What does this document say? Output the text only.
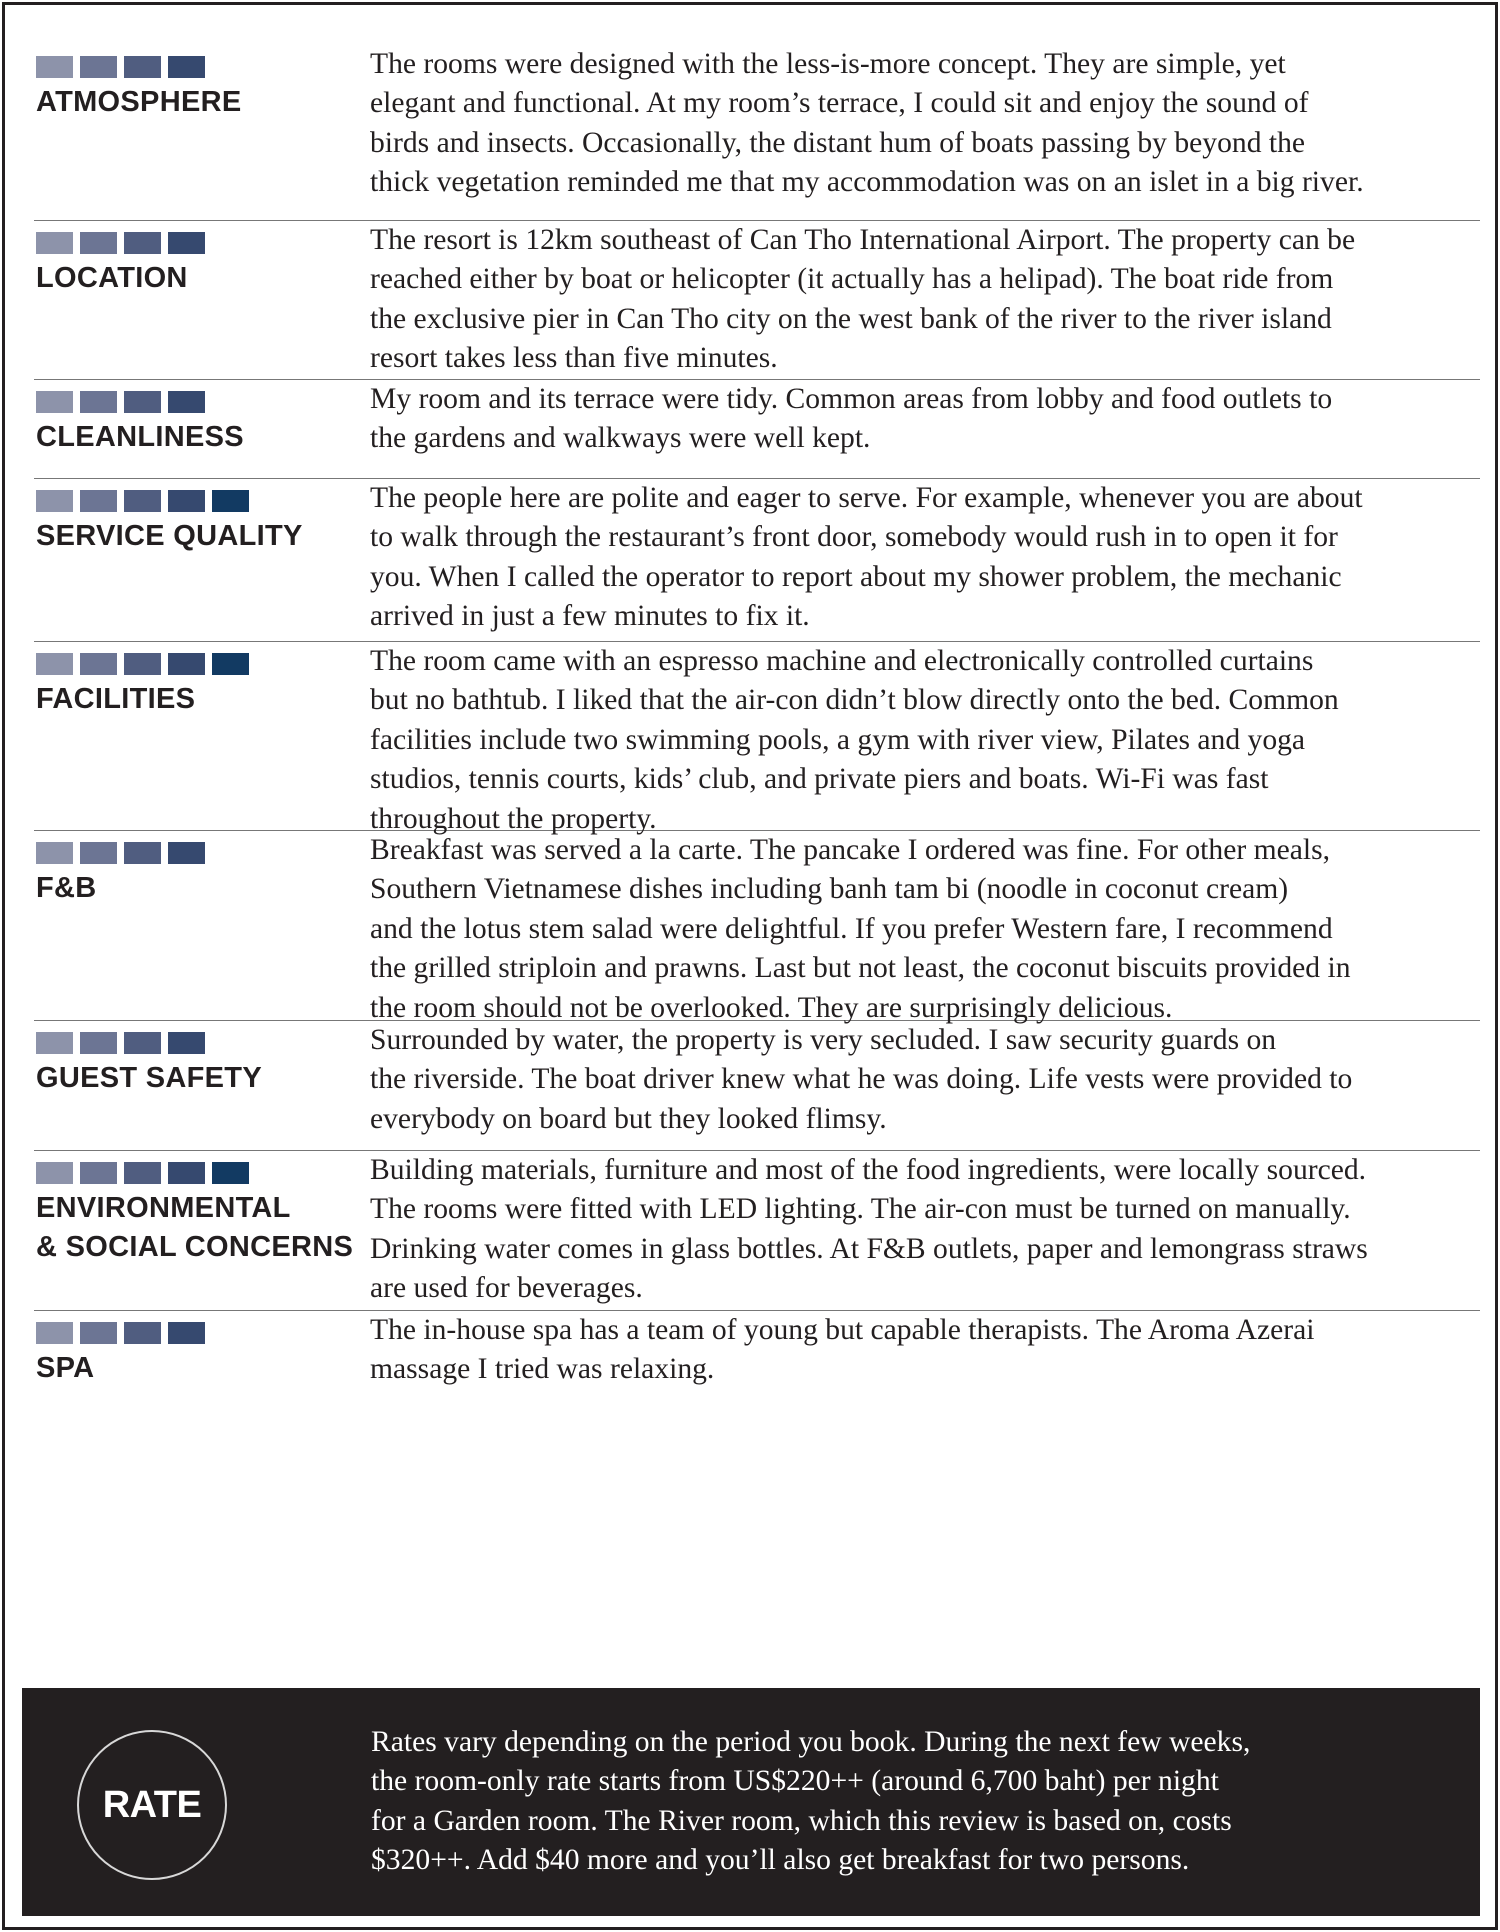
ATMOSPHERE
The rooms were designed with the less-is-more concept. They are simple, yet
elegant and functional. At my room’s terrace, I could sit and enjoy the sound of
birds and insects. Occasionally, the distant hum of boats passing by beyond the
thick vegetation reminded me that my accommodation was on an islet in a big river.
LOCATION
The resort is 12km southeast of Can Tho International Airport. The property can be
reached either by boat or helicopter (it actually has a helipad). The boat ride from
the exclusive pier in Can Tho city on the west bank of the river to the river island
resort takes less than five minutes.
CLEANLINESS
My room and its terrace were tidy. Common areas from lobby and food outlets to
the gardens and walkways were well kept.
SERVICE QUALITY
The people here are polite and eager to serve. For example, whenever you are about
to walk through the restaurant’s front door, somebody would rush in to open it for
you. When I called the operator to report about my shower problem, the mechanic
arrived in just a few minutes to fix it.
FACILITIES
The room came with an espresso machine and electronically controlled curtains
but no bathtub. I liked that the air-con didn’t blow directly onto the bed. Common
facilities include two swimming pools, a gym with river view, Pilates and yoga
studios, tennis courts, kids’ club, and private piers and boats. Wi-Fi was fast
throughout the property.
F&B
Breakfast was served a la carte. The pancake I ordered was fine. For other meals,
Southern Vietnamese dishes including banh tam bi (noodle in coconut cream)
and the lotus stem salad were delightful. If you prefer Western fare, I recommend
the grilled striploin and prawns. Last but not least, the coconut biscuits provided in
the room should not be overlooked. They are surprisingly delicious.
GUEST SAFETY
Surrounded by water, the property is very secluded. I saw security guards on
the riverside. The boat driver knew what he was doing. Life vests were provided to
everybody on board but they looked flimsy.
ENVIRONMENTAL
& SOCIAL CONCERNS
Building materials, furniture and most of the food ingredients, were locally sourced.
The rooms were fitted with LED lighting. The air-con must be turned on manually.
Drinking water comes in glass bottles. At F&B outlets, paper and lemongrass straws
are used for beverages.
SPA
The in-house spa has a team of young but capable therapists. The Aroma Azerai
massage I tried was relaxing.
RATE
Rates vary depending on the period you book. During the next few weeks,
the room-only rate starts from US$220++ (around 6,700 baht) per night
for a Garden room. The River room, which this review is based on, costs
$320++. Add $40 more and you’ll also get breakfast for two persons.
